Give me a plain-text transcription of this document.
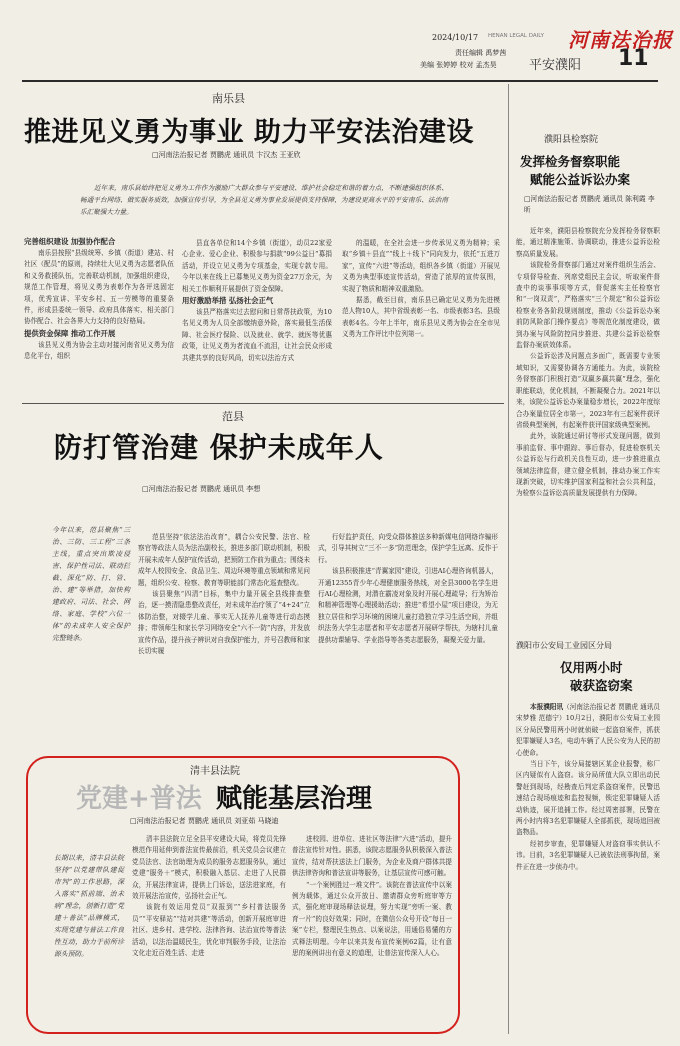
2024/10/17 HENAN LEGAL DAILY 河南法治报
责任编辑 禹梦茜
美编 张婷婷 校对 孟杰昊 平安濮阳 11
南乐县
推进见义勇为事业 助力平安法治建设
□河南法治报记者 贾鹏虎 通讯员 卞汉杰 王亚欣
近年来，南乐县始终把见义勇为工作作为激励广大群众参与平安建设、维护社会稳定和谐的着力点，不断建强组织体系、畅通平台网络、做实服务质效，加强宣传引导，为全县见义勇为事业发展提供支持保障，为建设更高水平的平安南乐、法治南乐汇聚强大力量。
完善组织建设 加强协作配合

南乐县按照“县级统筹、乡镇（街道）建站、村社区（配员”的原则，持续壮大见义勇为志愿者队伍和义务救援队伍，完善联动机制，加强组织建设，规范工作管理，将见义勇为表彰作为各评选固定项，优秀宣讲、平安乡村、五一劳模等的重要条件，形成县委统一领导、政府具体落实、相关部门协作配合、社会各界大力支持的良好格局。

提供资金保障 推动工作开展

该县见义勇为协会主动对接河南省见义勇为信息化平台，组织

县直各单位和14个乡镇（街道），动员22家爱心企业、爱心企业、积极参与捐款“99公益日”募捐活动，并设立见义勇为专项基金，实现专款专用。今年以来在线上已募集见义勇为资金27万余元，为相关工作顺利开展提供了资金保障。

用好激励举措 弘扬社会正气

该县严格落实过去慰问和日常帮扶政策，为10名见义勇为人员全部缴纳意外险，落实最低生活保障、社会医疗保险、以及就业、就学、就医等优惠政策，让见义勇为者流血不流泪，让社会民众形成共建共享的良好风尚，切实以法治方式

的温暖，在全社会进一步传承见义勇为精神；采取“乡镇＋县直”“线上＋线下”同向发力，依托“五进万家”，宣传“六进”等活动，组织各乡镇（街道）开展见义勇为典型事迹宣传活动，营造了浓厚的宣传氛围，实现了物质和精神双重激励。

据悉，截至目前，南乐县已确定见义勇为先进模范人物10人，其中省级表彰一名、市级表彰3名、县级表彰4名。今年上半年，南乐县见义勇为协会在全市见义勇为工作评比中位列第一。

范县
防打管治建 保护未成年人
□河南法治报记者 贾鹏虎 通讯员 李想
今年以来，范县聚焦“三治、三防、三工程”三条主线，重点突出欺凌侵害、保护性司法、联动拦截、深化“防、打、管、治、建”等举措，加快构建政府、司法、社会、网络、家庭、学校“六位一体”的未成年人安全保护完整链条。

范县坚持“依法法治改育”，耦合公安民警、法官、检察官等政法人员为法治副校长，推进多部门联动机制，积极开展未成年人保护宣传活动，把预防工作前为重点；围绕未成年人校园安全、食品卫生、周边环境等重点领域和常见问题，组织公安、检察、教育等职能部门常态化巡查整改。

该县聚焦“四清”目标，集中力量开展全县线排查整治，逐一摸清隐患整改责任，对未成年治疗领了“4+24”立体防治整，对辍学儿童、事实无人抚养儿童等进行动态摸排；带领师生和家长学习网络安全“六不一防”内容，并发放宣传作品，提升孩子辨识对自我保护能力，并号召教师和家长切实履

行好监护责任，向受众群体推送多种新媒电信网络诈骗形式，引导其树立“三不一多”防范理念，保护学生远离、反作于行。

该县积极推进“青翼家园”建设，引进AI心理咨询机器人，开通12355青少年心理健康服务热线，对全县3000名学生进行AI心理检测，对潜在霸凌对象及时开展心理疏导；行为矫治和精神管理等心理援助活动；推进“希望小屋”项目建设，为无独立居住和学习环境的困境儿童打造独立学习生活空间，并组织法务大学生志愿者和平安志愿者开展研学帮扶，为辖村儿童提供功课辅导、学业指导等各类志愿服务，凝聚关爱力量。

清丰县法院
党建+普法 赋能基层治理
□河南法治报记者 贾鹏虎 通讯员 刘亚茹 马晓迪
长期以来，清丰县法院坚持“以党建带队建促市判”的工作思路，深入落实“抓前端、治未病”理念，创新打造“党建＋普法”品牌模式，实现党建与普法工作良性互动，助力于前所诊源头预防。

清丰县法院立足全县平安建设大局，将党员先锋模范作用延伸到普法宣传最前沿，机关党员会议建立党员法官、法官助理为成员的服务志愿服务队，通过党建“服务＋”模式，积极融入基层、走进了人民群众，开展法律宣讲，提供上门诉讼，送法进家庭，有效开展法治宣传，弘扬社会正气。

该院有效运用党员“双报到”“乡村普法服务员”“平安驿站”“结对共建”等活动，创新开展庭审进社区、进乡村、进学校、法律咨询、法治宣传等普法活动，以法治温暖民生，优化审判服务手段，让法治文化走近百姓生活、走进

进校园、进单位、进社区等法律“六进”活动，提升普法宣传针对性。据悉，该院志愿服务队积极深入普法宣传，结对帮扶送法上门服务，为企业及商户群体共提供法律咨询和普法宣讲等服务，让基层宣传可感可触。

“一个案例胜过一堆文件”。该院在普法宣传中以案例为载体，通过公众开放日、邀请群众旁听庭审等方式，强化庭审现场释法说理，努力实现“旁听一案、教育一片”的良好效果；同时，在微信公众号开设“每日一案”专栏，整理民生热点、以案说法，用通俗易懂的方式释法明理。今年以来共发布宣传案例62篇，让有意思的案例讲出有意义的道理，让普法宣传深入人心。

濮阳县检察院
发挥检务督察职能
赋能公益诉讼办案
□河南法治报记者 贾鹏虎 通讯员 陈利霞 李昕

近年来，濮阳县检察院充分发挥检务督察职能，通过精准施策、协调联动，推进公益诉讼检察高质量发展。

该院检务督察部门通过对案件组织生活会、专项督导检查、列席党组民主会议，听取案件督查中的谈事事项等方式，督促落实主任检察官和“一岗双责”，严格落实“三个规定”和公益诉讼检察业务各阶段规则制度，推动《公益诉讼办案前防风险部门操作要点》等规范化制度建设，做到办案与风险防控同步推进、共建公益诉讼检察监督办案质效体系。

公益诉讼涉及问题点多面广，既需要专业领域知识，又需要协调各方通能力。为此，该院检务督察部门积极打造“双赢多赢共赢”理念，强化职能联动，优化机制，不断凝聚合力。2021年以来，该院公益诉讼办案量稳步增长，2022年度综合办案量位居全市第一，2023年有三起案件获评省级典型案例，有起案件获评国家级典型案例。

此外，该院通过研讨等形式发现问题，做到事前监督、事中跟踪、事后督办，促进检察机关公益诉讼与行政机关良性互动，进一步推进重点领域法律监督，建立健全机制，推动办案工作实现新突破，切实维护国家利益和社会公共利益，为检察公益诉讼高质量发展提供有力保障。

濮阳市公安局工业园区分局
仅用两小时
破获盗窃案

本报濮阳讯（河南法治报记者 贾鹏虎 通讯员 宋梦雅 范德宁）10月2日，濮阳市公安局工业园区分局民警用两小时就侦破一起盗窃案件，抓获犯罪嫌疑人3名，电动车辆了人民公安为人民的初心使命。

当日下午，该分局接辖区某企业报警，称厂区内疑似有人盗窃。该分局所值大队立即出动民警赶到现场，经勘查后判定系盗窃案件，民警迅速结合现场痕迹和监控视频，锁定犯罪嫌疑人活动轨迹，展开追捕工作。经过周密部署，民警在两小时内将3名犯罪嫌疑人全部抓获，现场追回被盗物品。

经初步审查，犯罪嫌疑人对盗窃事实供认不讳。目前，3名犯罪嫌疑人已被依法刑事拘留，案件正在进一步侦办中。
